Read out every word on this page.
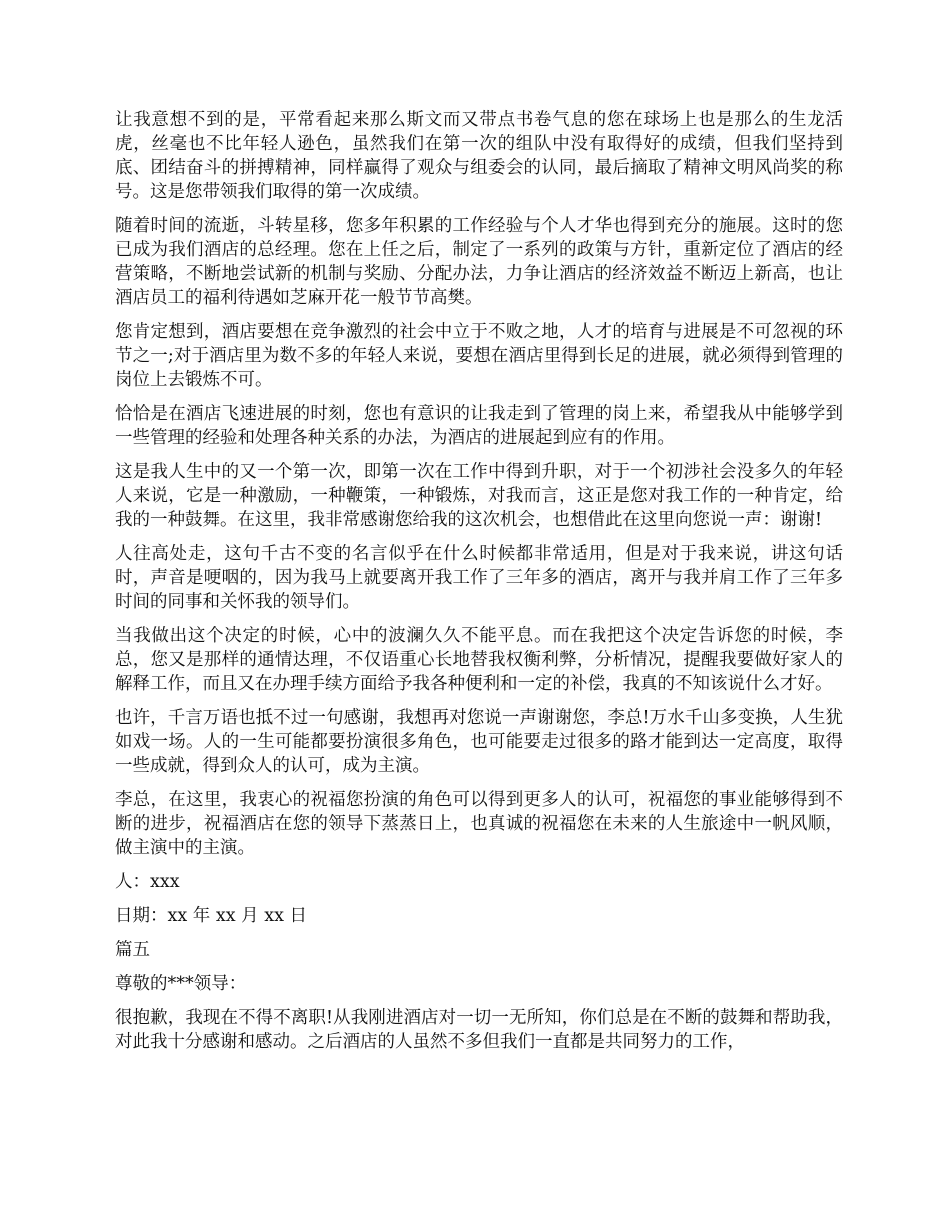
让我意想不到的是，平常看起来那么斯文而又带点书卷气息的您在球场上也是那么的生龙活虎，丝毫也不比年轻人逊色，虽然我们在第一次的组队中没有取得好的成绩，但我们坚持到底、团结奋斗的拼搏精神，同样赢得了观众与组委会的认同，最后摘取了精神文明风尚奖的称号。这是您带领我们取得的第一次成绩。

随着时间的流逝，斗转星移，您多年积累的工作经验与个人才华也得到充分的施展。这时的您已成为我们酒店的总经理。您在上任之后，制定了一系列的政策与方针，重新定位了酒店的经营策略，不断地尝试新的机制与奖励、分配办法，力争让酒店的经济效益不断迈上新高，也让酒店员工的福利待遇如芝麻开花一般节节高樊。

您肯定想到，酒店要想在竞争激烈的社会中立于不败之地，人才的培育与进展是不可忽视的环节之一;对于酒店里为数不多的年轻人来说，要想在酒店里得到长足的进展，就必须得到管理的岗位上去锻炼不可。

恰恰是在酒店飞速进展的时刻，您也有意识的让我走到了管理的岗上来，希望我从中能够学到一些管理的经验和处理各种关系的办法，为酒店的进展起到应有的作用。

这是我人生中的又一个第一次，即第一次在工作中得到升职，对于一个初涉社会没多久的年轻人来说，它是一种激励，一种鞭策，一种锻炼，对我而言，这正是您对我工作的一种肯定，给我的一种鼓舞。在这里，我非常感谢您给我的这次机会，也想借此在这里向您说一声：谢谢!

人往高处走，这句千古不变的名言似乎在什么时候都非常适用，但是对于我来说，讲这句话时，声音是哽咽的，因为我马上就要离开我工作了三年多的酒店，离开与我并肩工作了三年多时间的同事和关怀我的领导们。

当我做出这个决定的时候，心中的波澜久久不能平息。而在我把这个决定告诉您的时候，李总，您又是那样的通情达理，不仅语重心长地替我权衡利弊，分析情况，提醒我要做好家人的解释工作，而且又在办理手续方面给予我各种便利和一定的补偿，我真的不知该说什么才好。

也许，千言万语也抵不过一句感谢，我想再对您说一声谢谢您，李总!万水千山多变换，人生犹如戏一场。人的一生可能都要扮演很多角色，也可能要走过很多的路才能到达一定高度，取得一些成就，得到众人的认可，成为主演。

李总，在这里，我衷心的祝福您扮演的角色可以得到更多人的认可，祝福您的事业能够得到不断的进步，祝福酒店在您的领导下蒸蒸日上，也真诚的祝福您在未来的人生旅途中一帆风顺，做主演中的主演。

人：xxx

日期：xx 年 xx 月 xx 日

篇五

尊敬的***领导：

很抱歉，我现在不得不离职!从我刚进酒店对一切一无所知，你们总是在不断的鼓舞和帮助我，对此我十分感谢和感动。之后酒店的人虽然不多但我们一直都是共同努力的工作，
